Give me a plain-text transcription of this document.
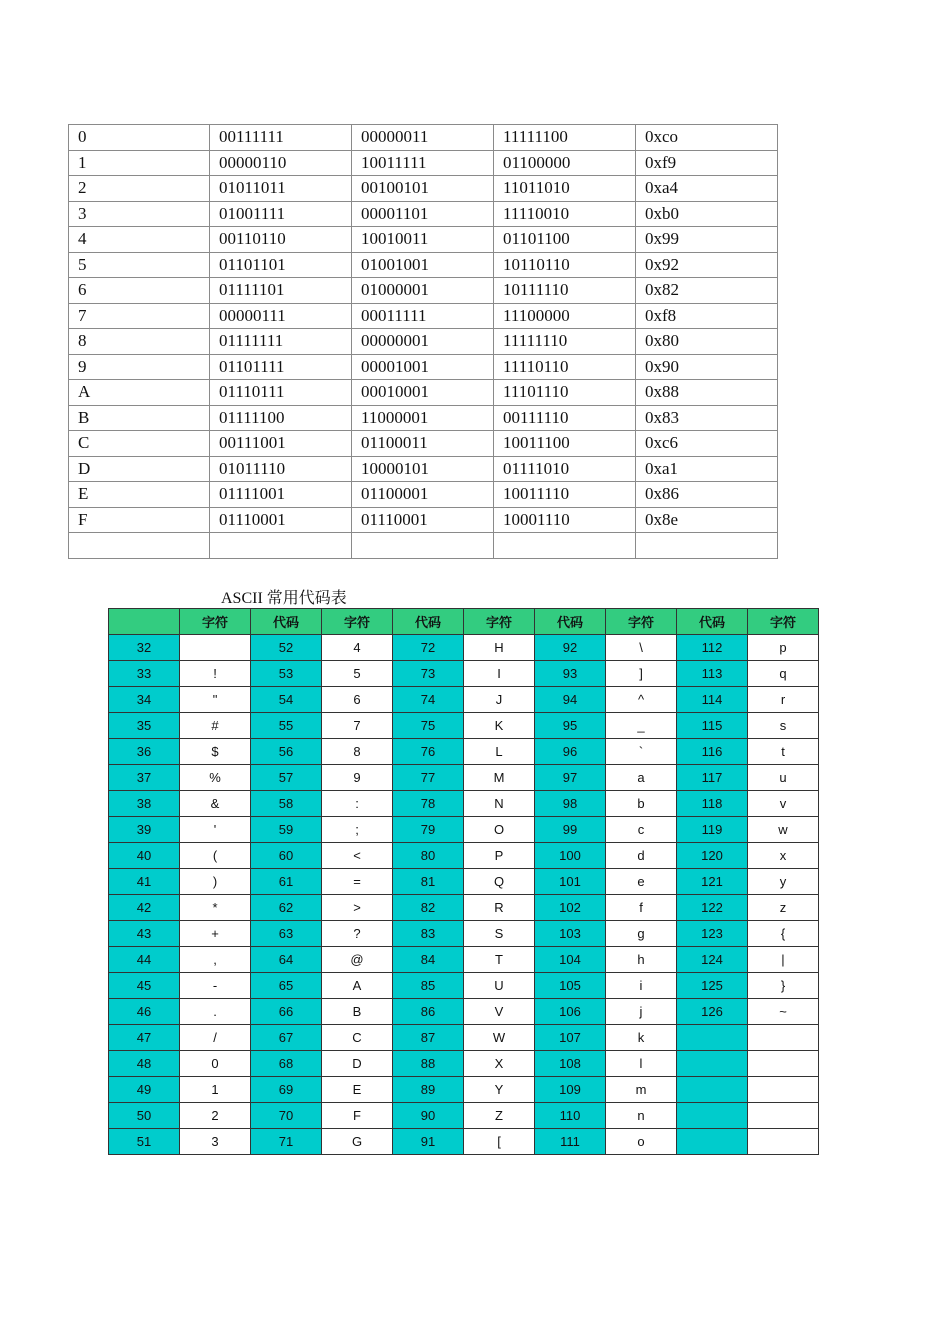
0	00111111	00000011	11111100	0xco
1	00000110	10011111	01100000	0xf9
2	01011011	00100101	11011010	0xa4
3	01001111	00001101	11110010	0xb0
4	00110110	10010011	01101100	0x99
5	01101101	01001001	10110110	0x92
6	01111101	01000001	10111110	0x82
7	00000111	00011111	11100000	0xf8
8	01111111	00000001	11111110	0x80
9	01101111	00001001	11110110	0x90
A	01110111	00010001	11101110	0x88
B	01111100	11000001	00111110	0x83
C	00111001	01100011	10011100	0xc6
D	01011110	10000101	01111010	0xa1
E	01111001	01100001	10011110	0x86
F	01110001	01110001	10001110	0x8e

ASCII 常用代码表
	字符	代码	字符	代码	字符	代码	字符	代码	字符
32		52	4	72	H	92	\	112	p
33	!	53	5	73	I	93	]	113	q
34	"	54	6	74	J	94	^	114	r
35	#	55	7	75	K	95	_	115	s
36	$	56	8	76	L	96	`	116	t
37	%	57	9	77	M	97	a	117	u
38	&	58	:	78	N	98	b	118	v
39	'	59	;	79	O	99	c	119	w
40	(	60	<	80	P	100	d	120	x
41	)	61	=	81	Q	101	e	121	y
42	*	62	>	82	R	102	f	122	z
43	+	63	?	83	S	103	g	123	{
44	,	64	@	84	T	104	h	124	|
45	-	65	A	85	U	105	i	125	}
46	.	66	B	86	V	106	j	126	~
47	/	67	C	87	W	107	k		
48	0	68	D	88	X	108	l		
49	1	69	E	89	Y	109	m		
50	2	70	F	90	Z	110	n		
51	3	71	G	91	[	111	o		
